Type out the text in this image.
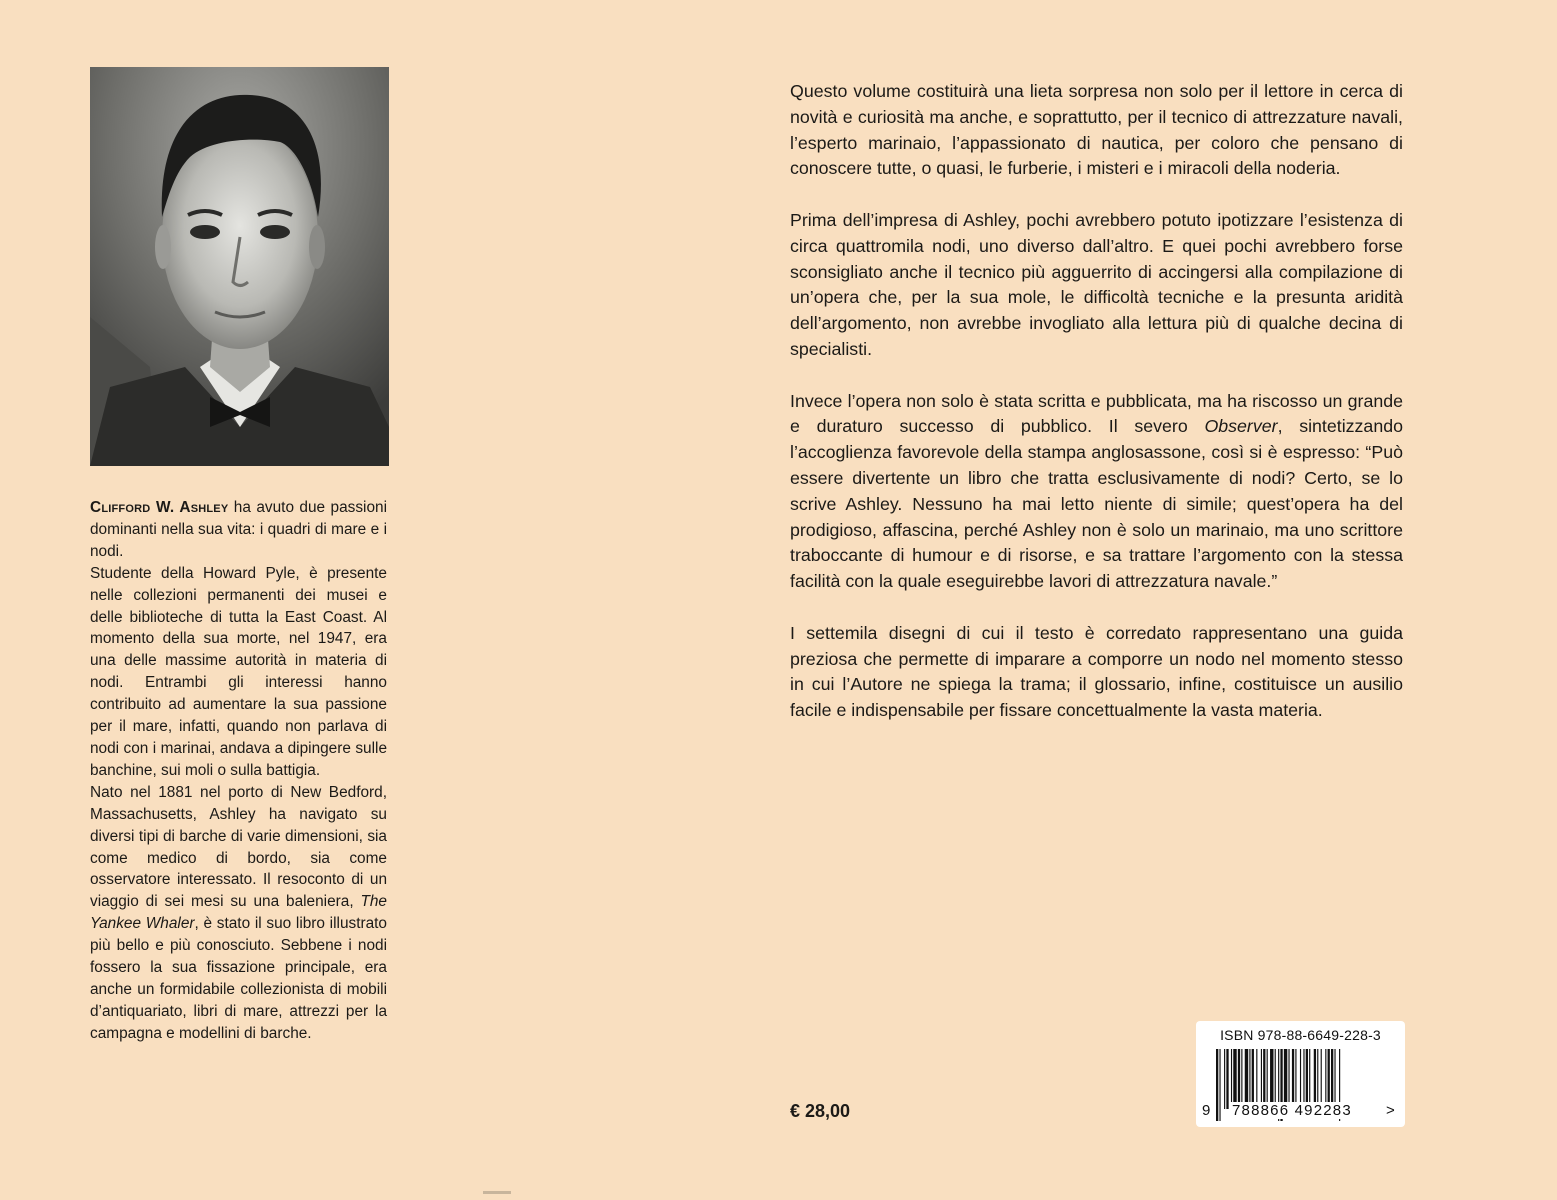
Clifford W. Ashley ha avuto due passioni dominanti nella sua vita: i quadri di mare e i nodi.

Studente della Howard Pyle, è presente nelle collezioni permanenti dei musei e delle biblioteche di tutta la East Coast. Al momento della sua morte, nel 1947, era una delle massime autorità in materia di nodi. Entrambi gli interessi hanno contribuito ad aumentare la sua passione per il mare, infatti, quando non parlava di nodi con i marinai, andava a dipingere sulle banchine, sui moli o sulla battigia.

Nato nel 1881 nel porto di New Bedford, Massachusetts, Ashley ha navigato su diversi tipi di barche di varie dimensioni, sia come medico di bordo, sia come osservatore interessato. Il resoconto di un viaggio di sei mesi su una baleniera, The Yankee Whaler, è stato il suo libro illustrato più bello e più conosciuto. Sebbene i nodi fossero la sua fissazione principale, era anche un formidabile collezionista di mobili d’antiquariato, libri di mare, attrezzi per la campagna e modellini di barche.

Questo volume costituirà una lieta sorpresa non solo per il lettore in cerca di novità e curiosità ma anche, e soprattutto, per il tecnico di attrezzature navali, l’esperto marinaio, l’appassionato di nautica, per coloro che pensano di conoscere tutte, o quasi, le furberie, i misteri e i miracoli della noderia.

Prima dell’impresa di Ashley, pochi avrebbero potuto ipotizzare l’esistenza di circa quattromila nodi, uno diverso dall’altro. E quei pochi avrebbero forse sconsigliato anche il tecnico più agguerrito di accingersi alla compilazione di un’opera che, per la sua mole, le difficoltà tecniche e la presunta aridità dell’argomento, non avrebbe invogliato alla lettura più di qualche decina di specialisti.

Invece l’opera non solo è stata scritta e pubblicata, ma ha riscosso un grande e duraturo successo di pubblico. Il severo Observer, sintetizzando l’accoglienza favorevole della stampa anglosassone, così si è espresso: “Può essere divertente un libro che tratta esclusivamente di nodi? Certo, se lo scrive Ashley. Nessuno ha mai letto niente di simile; quest’opera ha del prodigioso, affascina, perché Ashley non è solo un marinaio, ma uno scrittore traboccante di humour e di risorse, e sa trattare l’argomento con la stessa facilità con la quale eseguirebbe lavori di attrezzatura navale.”

I settemila disegni di cui il testo è corredato rappresentano una guida preziosa che permette di imparare a comporre un nodo nel momento stesso in cui l’Autore ne spiega la trama; il glossario, infine, costituisce un ausilio facile e indispensabile per fissare concettualmente la vasta materia.

€ 28,00
ISBN 978-88-6649-228-3
9 788866 492283 >
